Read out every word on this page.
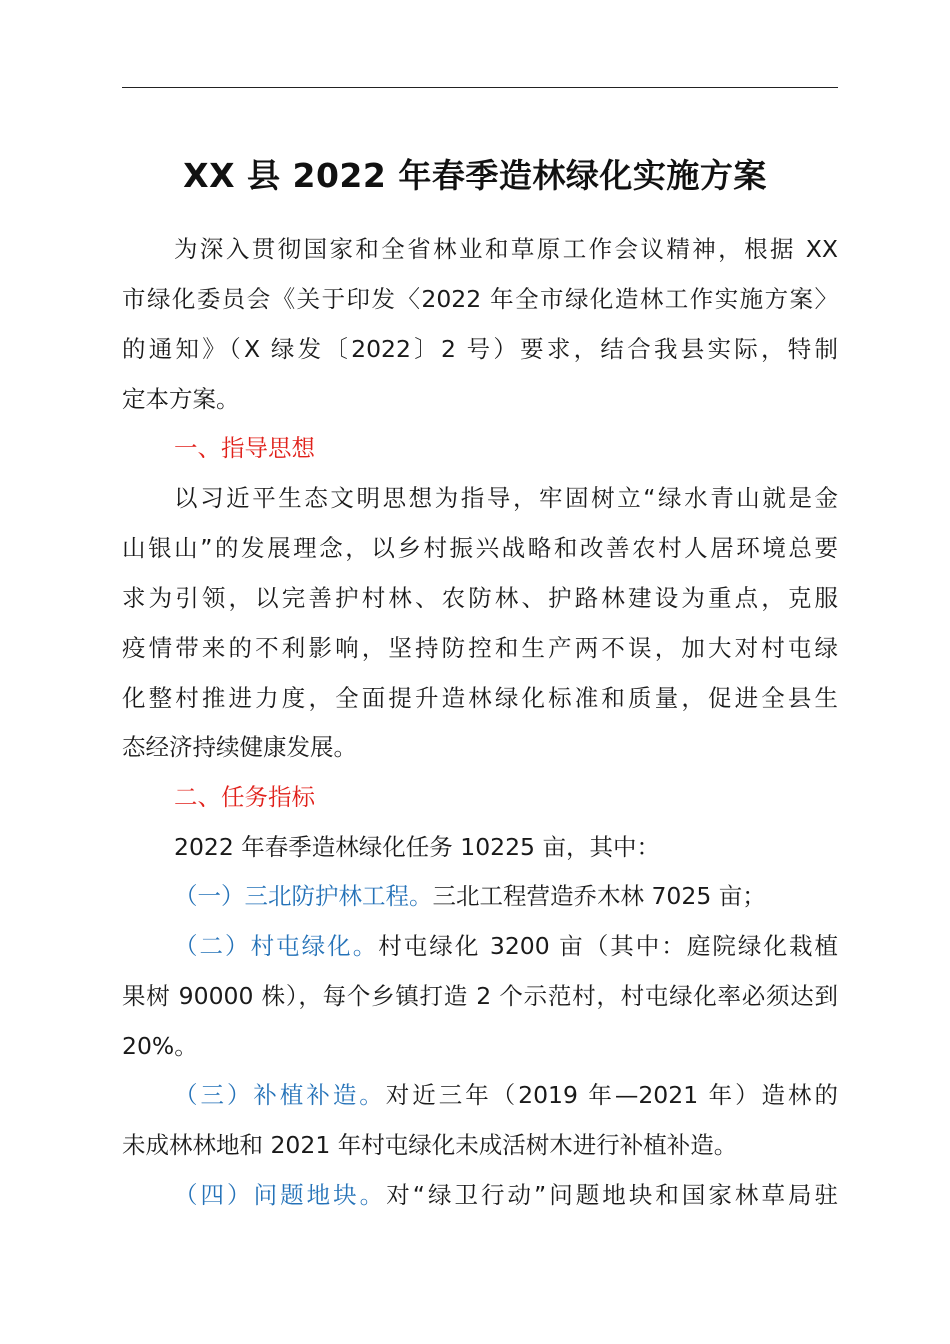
XX 县 2022 年春季造林绿化实施方案
为深入贯彻国家和全省林业和草原工作会议精神，根据 XX
市绿化委员会《关于印发〈2022 年全市绿化造林工作实施方案〉
的通知》（X 绿发〔2022〕2 号）要求，结合我县实际，特制
定本方案。
一、指导思想
以习近平生态文明思想为指导，牢固树立“绿水青山就是金
山银山”的发展理念，以乡村振兴战略和改善农村人居环境总要
求为引领，以完善护村林、农防林、护路林建设为重点，克服
疫情带来的不利影响，坚持防控和生产两不误，加大对村屯绿
化整村推进力度，全面提升造林绿化标准和质量，促进全县生
态经济持续健康发展。
二、任务指标
2022 年春季造林绿化任务 10225 亩，其中：
（一）三北防护林工程。三北工程营造乔木林 7025 亩；
（二）村屯绿化。村屯绿化 3200 亩（其中：庭院绿化栽植
果树 90000 株），每个乡镇打造 2 个示范村，村屯绿化率必须达到
20%。
（三）补植补造。对近三年（2019 年—2021 年）造林的
未成林林地和 2021 年村屯绿化未成活树木进行补植补造。
（四）问题地块。对“绿卫行动”问题地块和国家林草局驻
